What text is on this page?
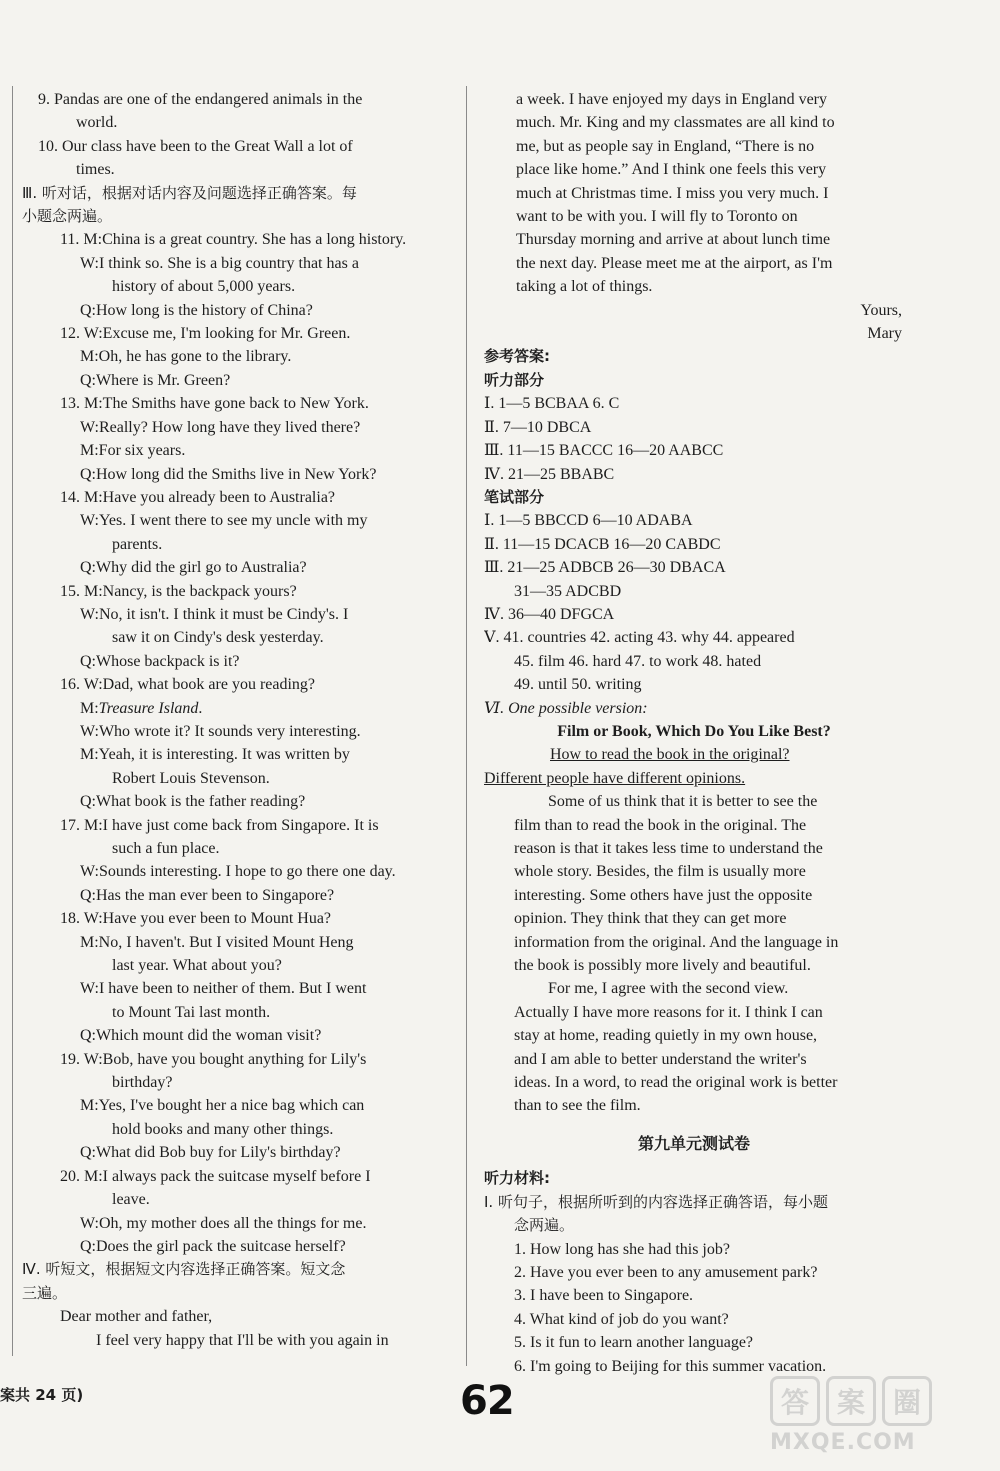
9. Pandas are one of the endangered animals in the
world.
10. Our class have been to the Great Wall a lot of
times.
Ⅲ. 听对话，根据对话内容及问题选择正确答案。每
小题念两遍。
11. M:China is a great country. She has a long history.
W:I think so. She is a big country that has a
history of about 5,000 years.
Q:How long is the history of China?
12. W:Excuse me, I'm looking for Mr. Green.
M:Oh, he has gone to the library.
Q:Where is Mr. Green?
13. M:The Smiths have gone back to New York.
W:Really? How long have they lived there?
M:For six years.
Q:How long did the Smiths live in New York?
14. M:Have you already been to Australia?
W:Yes. I went there to see my uncle with my
parents.
Q:Why did the girl go to Australia?
15. M:Nancy, is the backpack yours?
W:No, it isn't. I think it must be Cindy's. I
saw it on Cindy's desk yesterday.
Q:Whose backpack is it?
16. W:Dad, what book are you reading?
M:Treasure Island.
W:Who wrote it? It sounds very interesting.
M:Yeah, it is interesting. It was written by
Robert Louis Stevenson.
Q:What book is the father reading?
17. M:I have just come back from Singapore. It is
such a fun place.
W:Sounds interesting. I hope to go there one day.
Q:Has the man ever been to Singapore?
18. W:Have you ever been to Mount Hua?
M:No, I haven't. But I visited Mount Heng
last year. What about you?
W:I have been to neither of them. But I went
to Mount Tai last month.
Q:Which mount did the woman visit?
19. W:Bob, have you bought anything for Lily's
birthday?
M:Yes, I've bought her a nice bag which can
hold books and many other things.
Q:What did Bob buy for Lily's birthday?
20. M:I always pack the suitcase myself before I
leave.
W:Oh, my mother does all the things for me.
Q:Does the girl pack the suitcase herself?
Ⅳ. 听短文，根据短文内容选择正确答案。短文念
三遍。
Dear mother and father,
I feel very happy that I'll be with you again in
a week. I have enjoyed my days in England very
much. Mr. King and my classmates are all kind to
me, but as people say in England, “There is no
place like home.” And I think one feels this very
much at Christmas time. I miss you very much. I
want to be with you. I will fly to Toronto on
Thursday morning and arrive at about lunch time
the next day. Please meet me at the airport, as I'm
taking a lot of things.
Yours,
Mary
参考答案:
听力部分
Ⅰ. 1—5 BCBAA 6. C
Ⅱ. 7—10 DBCA
Ⅲ. 11—15 BACCC 16—20 AABCC
Ⅳ. 21—25 BBABC
笔试部分
Ⅰ. 1—5 BBCCD 6—10 ADABA
Ⅱ. 11—15 DCACB 16—20 CABDC
Ⅲ. 21—25 ADBCB 26—30 DBACA
31—35 ADCBD
Ⅳ. 36—40 DFGCA
Ⅴ. 41. countries 42. acting 43. why 44. appeared
45. film 46. hard 47. to work 48. hated
49. until 50. writing
Ⅵ. One possible version:
Film or Book, Which Do You Like Best?
How to read the book in the original?
Different people have different opinions.
Some of us think that it is better to see the
film than to read the book in the original. The
reason is that it takes less time to understand the
whole story. Besides, the film is usually more
interesting. Some others have just the opposite
opinion. They think that they can get more
information from the original. And the language in
the book is possibly more lively and beautiful.
For me, I agree with the second view.
Actually I have more reasons for it. I think I can
stay at home, reading quietly in my own house,
and I am able to better understand the writer's
ideas. In a word, to read the original work is better
than to see the film.
第九单元测试卷
听力材料:
Ⅰ. 听句子，根据所听到的内容选择正确答语，每小题
念两遍。
1. How long has she had this job?
2. Have you ever been to any amusement park?
3. I have been to Singapore.
4. What kind of job do you want?
5. Is it fun to learn another language?
6. I'm going to Beijing for this summer vacation.
案共 24 页)	62	答 案 圈
MXQE.COM
